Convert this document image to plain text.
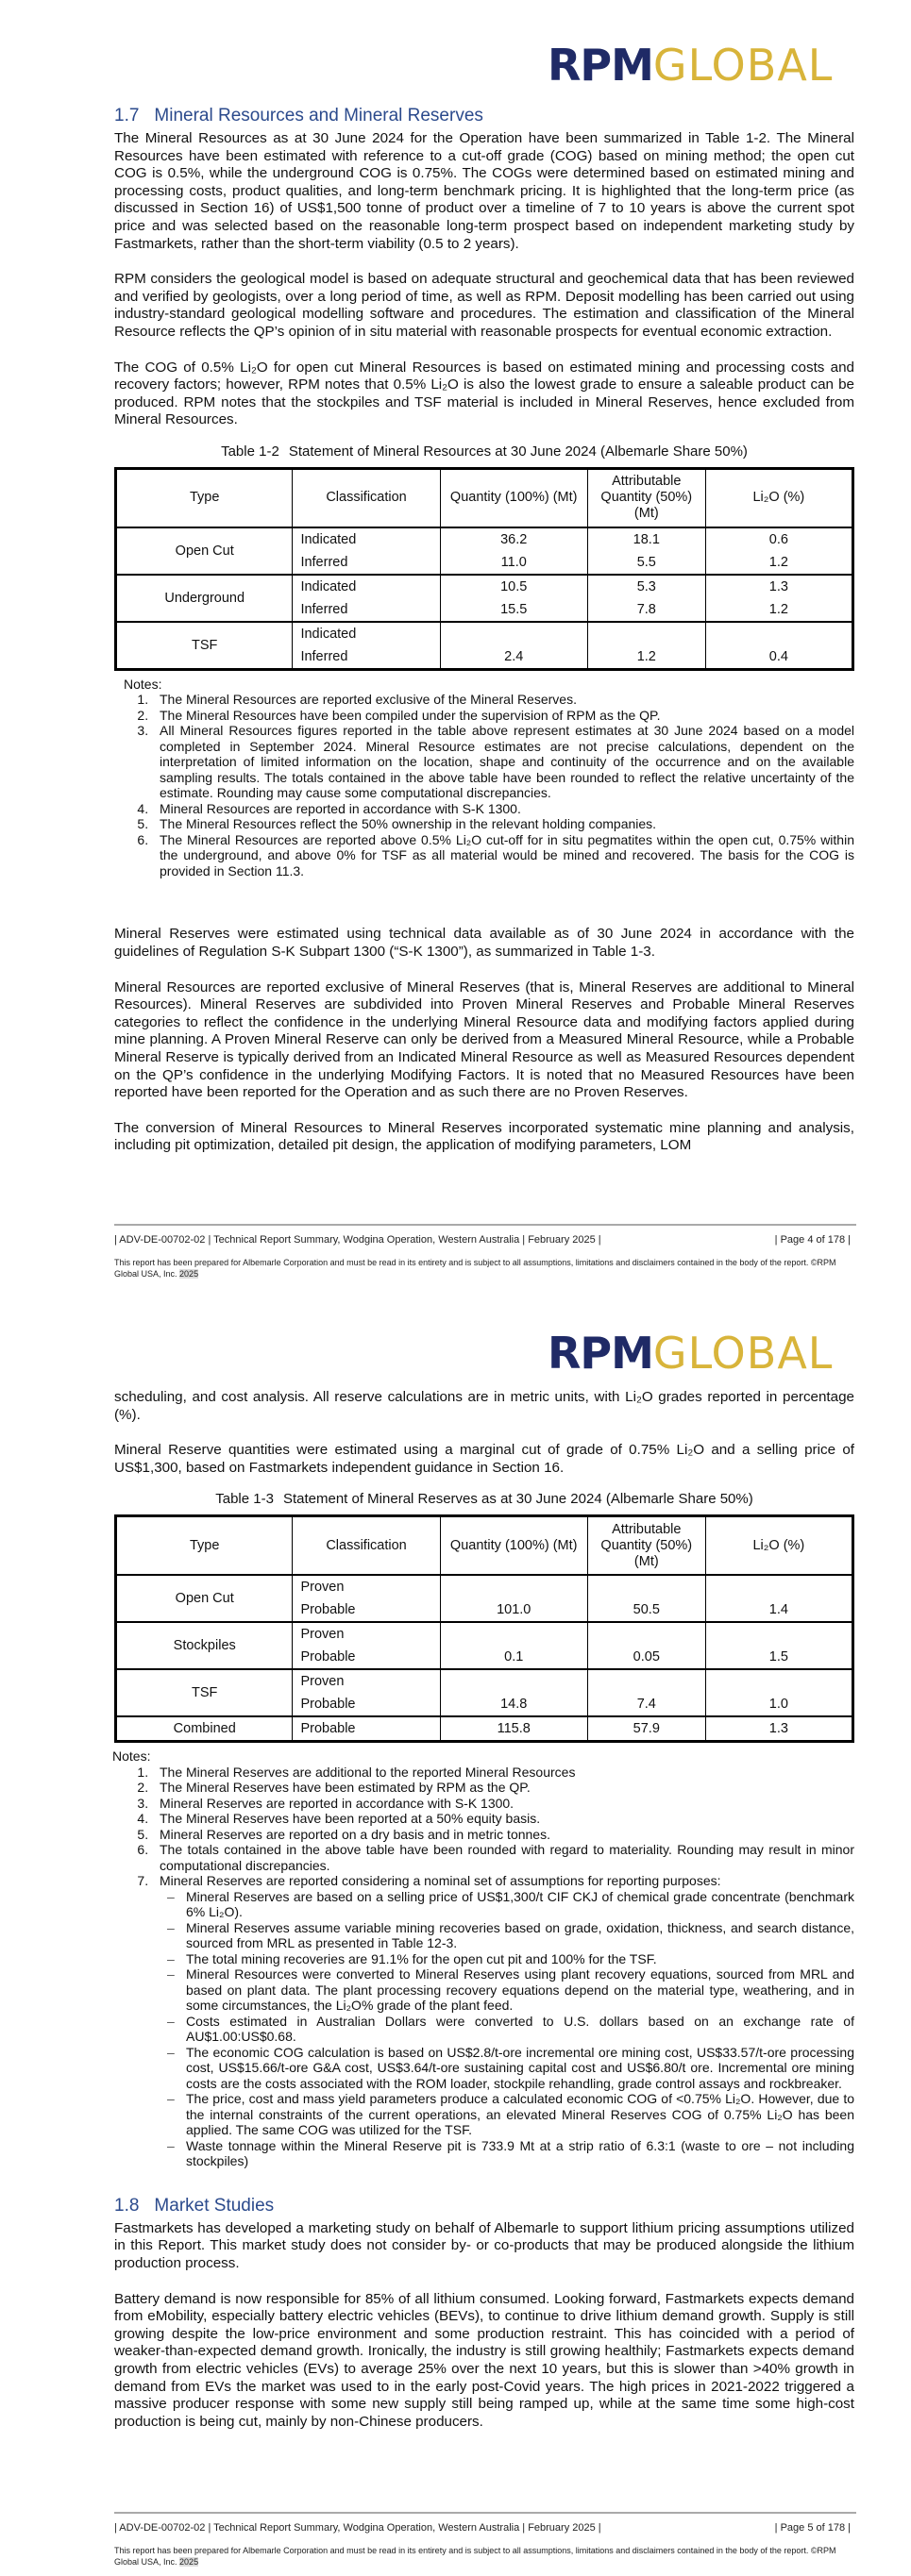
RPMGLOBAL
1.7 Mineral Resources and Mineral Reserves

The Mineral Resources as at 30 June 2024 for the Operation have been summarized in Table 1-2. The Mineral Resources have been estimated with reference to a cut-off grade (COG) based on mining method; the open cut COG is 0.5%, while the underground COG is 0.75%. The COGs were determined based on estimated mining and processing costs, product qualities, and long-term benchmark pricing. It is highlighted that the long-term price (as discussed in Section 16) of US$1,500 tonne of product over a timeline of 7 to 10 years is above the current spot price and was selected based on the reasonable long-term prospect based on independent marketing study by Fastmarkets, rather than the short-term viability (0.5 to 2 years).

RPM considers the geological model is based on adequate structural and geochemical data that has been reviewed and verified by geologists, over a long period of time, as well as RPM. Deposit modelling has been carried out using industry-standard geological modelling software and procedures. The estimation and classification of the Mineral Resource reflects the QP’s opinion of in situ material with reasonable prospects for eventual economic extraction.

The COG of 0.5% Li₂O for open cut Mineral Resources is based on estimated mining and processing costs and recovery factors; however, RPM notes that 0.5% Li₂O is also the lowest grade to ensure a saleable product can be produced. RPM notes that the stockpiles and TSF material is included in Mineral Reserves, hence excluded from Mineral Resources.

Table 1-2 Statement of Mineral Resources at 30 June 2024 (Albemarle Share 50%)
Type	Classification	Quantity (100%) (Mt)	Attributable Quantity (50%) (Mt)	Li₂O (%)
Open Cut	Indicated	36.2	18.1	0.6
	Inferred	11.0	5.5	1.2
Underground	Indicated	10.5	5.3	1.3
	Inferred	15.5	7.8	1.2
TSF	Indicated			
	Inferred	2.4	1.2	0.4
Notes:
1. The Mineral Resources are reported exclusive of the Mineral Reserves.
2. The Mineral Resources have been compiled under the supervision of RPM as the QP.
3. All Mineral Resources figures reported in the table above represent estimates at 30 June 2024 based on a model completed in September 2024. Mineral Resource estimates are not precise calculations, dependent on the interpretation of limited information on the location, shape and continuity of the occurrence and on the available sampling results. The totals contained in the above table have been rounded to reflect the relative uncertainty of the estimate. Rounding may cause some computational discrepancies.
4. Mineral Resources are reported in accordance with S-K 1300.
5. The Mineral Resources reflect the 50% ownership in the relevant holding companies.
6. The Mineral Resources are reported above 0.5% Li₂O cut-off for in situ pegmatites within the open cut, 0.75% within the underground, and above 0% for TSF as all material would be mined and recovered. The basis for the COG is provided in Section 11.3.

Mineral Reserves were estimated using technical data available as of 30 June 2024 in accordance with the guidelines of Regulation S-K Subpart 1300 (“S-K 1300”), as summarized in Table 1-3.

Mineral Resources are reported exclusive of Mineral Reserves (that is, Mineral Reserves are additional to Mineral Resources). Mineral Reserves are subdivided into Proven Mineral Reserves and Probable Mineral Reserves categories to reflect the confidence in the underlying Mineral Resource data and modifying factors applied during mine planning. A Proven Mineral Reserve can only be derived from a Measured Mineral Resource, while a Probable Mineral Reserve is typically derived from an Indicated Mineral Resource as well as Measured Resources dependent on the QP’s confidence in the underlying Modifying Factors. It is noted that no Measured Resources have been reported have been reported for the Operation and as such there are no Proven Reserves.

The conversion of Mineral Resources to Mineral Reserves incorporated systematic mine planning and analysis, including pit optimization, detailed pit design, the application of modifying parameters, LOM

| ADV-DE-00702-02 | Technical Report Summary, Wodgina Operation, Western Australia | February 2025 |	| Page 4 of 178 |
This report has been prepared for Albemarle Corporation and must be read in its entirety and is subject to all assumptions, limitations and disclaimers contained in the body of the report. ©RPM Global USA, Inc. 2025
RPMGLOBAL

scheduling, and cost analysis. All reserve calculations are in metric units, with Li₂O grades reported in percentage (%).

Mineral Reserve quantities were estimated using a marginal cut of grade of 0.75% Li₂O and a selling price of US$1,300, based on Fastmarkets independent guidance in Section 16.

Table 1-3 Statement of Mineral Reserves as at 30 June 2024 (Albemarle Share 50%)
Type	Classification	Quantity (100%) (Mt)	Attributable Quantity (50%) (Mt)	Li₂O (%)
Open Cut	Proven			
	Probable	101.0	50.5	1.4
Stockpiles	Proven			
	Probable	0.1	0.05	1.5
TSF	Proven			
	Probable	14.8	7.4	1.0
Combined	Probable	115.8	57.9	1.3
Notes:
1. The Mineral Reserves are additional to the reported Mineral Resources
2. The Mineral Reserves have been estimated by RPM as the QP.
3. Mineral Reserves are reported in accordance with S-K 1300.
4. The Mineral Reserves have been reported at a 50% equity basis.
5. Mineral Reserves are reported on a dry basis and in metric tonnes.
6. The totals contained in the above table have been rounded with regard to materiality. Rounding may result in minor computational discrepancies.
7. Mineral Reserves are reported considering a nominal set of assumptions for reporting purposes:
– Mineral Reserves are based on a selling price of US$1,300/t CIF CKJ of chemical grade concentrate (benchmark 6% Li₂O).
– Mineral Reserves assume variable mining recoveries based on grade, oxidation, thickness, and search distance, sourced from MRL as presented in Table 12-3.
– The total mining recoveries are 91.1% for the open cut pit and 100% for the TSF.
– Mineral Resources were converted to Mineral Reserves using plant recovery equations, sourced from MRL and based on plant data. The plant processing recovery equations depend on the material type, weathering, and in some circumstances, the Li₂O% grade of the plant feed.
– Costs estimated in Australian Dollars were converted to U.S. dollars based on an exchange rate of AU$1.00:US$0.68.
– The economic COG calculation is based on US$2.8/t-ore incremental ore mining cost, US$33.57/t-ore processing cost, US$15.66/t-ore G&A cost, US$3.64/t-ore sustaining capital cost and US$6.80/t ore. Incremental ore mining costs are the costs associated with the ROM loader, stockpile rehandling, grade control assays and rockbreaker.
– The price, cost and mass yield parameters produce a calculated economic COG of <0.75% Li₂O. However, due to the internal constraints of the current operations, an elevated Mineral Reserves COG of 0.75% Li₂O has been applied. The same COG was utilized for the TSF.
– Waste tonnage within the Mineral Reserve pit is 733.9 Mt at a strip ratio of 6.3:1 (waste to ore – not including stockpiles)
1.8 Market Studies

Fastmarkets has developed a marketing study on behalf of Albemarle to support lithium pricing assumptions utilized in this Report. This market study does not consider by- or co-products that may be produced alongside the lithium production process.

Battery demand is now responsible for 85% of all lithium consumed. Looking forward, Fastmarkets expects demand from eMobility, especially battery electric vehicles (BEVs), to continue to drive lithium demand growth. Supply is still growing despite the low-price environment and some production restraint. This has coincided with a period of weaker-than-expected demand growth. Ironically, the industry is still growing healthily; Fastmarkets expects demand growth from electric vehicles (EVs) to average 25% over the next 10 years, but this is slower than >40% growth in demand from EVs the market was used to in the early post-Covid years. The high prices in 2021-2022 triggered a massive producer response with some new supply still being ramped up, while at the same time some high-cost production is being cut, mainly by non-Chinese producers.

| ADV-DE-00702-02 | Technical Report Summary, Wodgina Operation, Western Australia | February 2025 |	| Page 5 of 178 |
This report has been prepared for Albemarle Corporation and must be read in its entirety and is subject to all assumptions, limitations and disclaimers contained in the body of the report. ©RPM Global USA, Inc. 2025
